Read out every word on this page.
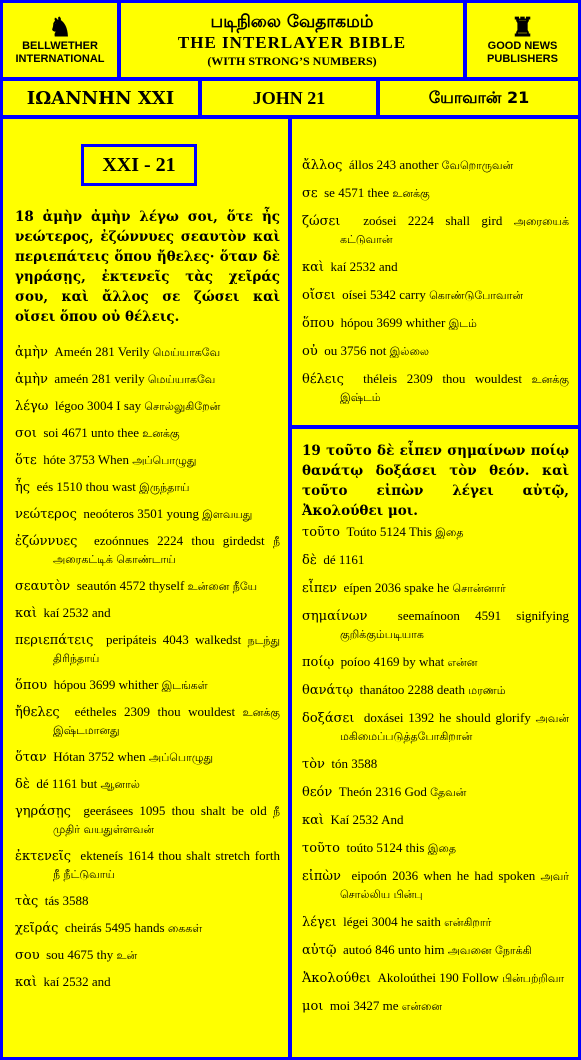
♞
BELLWETHER
INTERNATIONAL
படிநிலை வேதாகமம்
THE INTERLAYER BIBLE
(WITH STRONG’S NUMBERS)
♜
GOOD NEWS
PUBLISHERS
ΙΩΑΝΝΗΝ XXI	JOHN 21	யோவான் 21
XXI - 21
18 ἀμὴν ἀμὴν λέγω σοι, ὅτε ἦς νεώτερος, ἐζώννυες σεαυτὸν καὶ περιεπάτεις ὅπου ἤθελες· ὅταν δὲ γηράσῃς, ἐκτενεῖς τὰς χεῖράς σου, καὶ ἄλλος σε ζώσει καὶ οἴσει ὅπου οὐ θέλεις.
ἀμὴν Ameén 281 Verily மெய்யாகவே
ἀμὴν ameén 281 verily மெய்யாகவே
λέγω légoo 3004 I say சொல்லுகிறேன்
σοι soi 4671 unto thee உனக்கு
ὅτε hóte 3753 When அப்பொழுது
ἦς eés 1510 thou wast இருந்தாய்
νεώτερος neoóteros 3501 young இளவயது
ἐζώννυες ezoónnues 2224 thou girdedst நீ அரைகட்டிக் கொண்டாய்
σεαυτὸν seautón 4572 thyself உன்னை நீயே
καὶ kaí 2532 and
περιεπάτεις peripáteis 4043 walkedst நடந்து திரிந்தாய்
ὅπου hópou 3699 whither இடங்கள்
ἤθελες eétheles 2309 thou wouldest உனக்கு இஷ்டமானது
ὅταν Hótan 3752 when அப்பொழுது
δὲ dé 1161 but ஆனால்
γηράσῃς geerásees 1095 thou shalt be old நீ முதிர் வயதுள்ளவன்
ἐκτενεῖς ekteneís 1614 thou shalt stretch forth நீ நீட்டுவாய்
τὰς tás 3588
χεῖράς cheirás 5495 hands கைகள்
σου sou 4675 thy உன்
καὶ kaí 2532 and
ἄλλος állos 243 another வேறொருவன்
σε se 4571 thee உனக்கு
ζώσει zoósei 2224 shall gird அரையைக் கட்டுவான்
καὶ kaí 2532 and
οἴσει oísei 5342 carry கொண்டுபோவான்
ὅπου hópou 3699 whither இடம்
οὐ ou 3756 not இல்லை
θέλεις théleis 2309 thou wouldest உனக்கு இஷ்டம்
19 τοῦτο δὲ εἶπεν σημαίνων ποίῳ θανάτῳ δοξάσει τὸν θεόν. καὶ τοῦτο εἰπὼν λέγει αὐτῷ, Ἀκολούθει μοι.
τοῦτο Toúto 5124 This இதை
δὲ dé 1161
εἶπεν eípen 2036 spake he சொன்னார்
σημαίνων seemaínoon 4591 signifying குறிக்கும்படியாக
ποίῳ poíoo 4169 by what என்ன
θανάτῳ thanátoo 2288 death மரணம்
δοξάσει doxásei 1392 he should glorify அவன் மகிமைப்படுத்தபோகிறான்
τὸν tón 3588
θεόν Theón 2316 God தேவன்
καὶ Kaí 2532 And
τοῦτο toúto 5124 this இதை
εἰπὼν eipoón 2036 when he had spoken அவர் சொல்லிய பின்பு
λέγει légei 3004 he saith என்கிறார்
αὐτῷ autoó 846 unto him அவனை நோக்கி
Ἀκολούθει Akoloúthei 190 Follow பின்பற்றிவா
μοι moi 3427 me என்னை
